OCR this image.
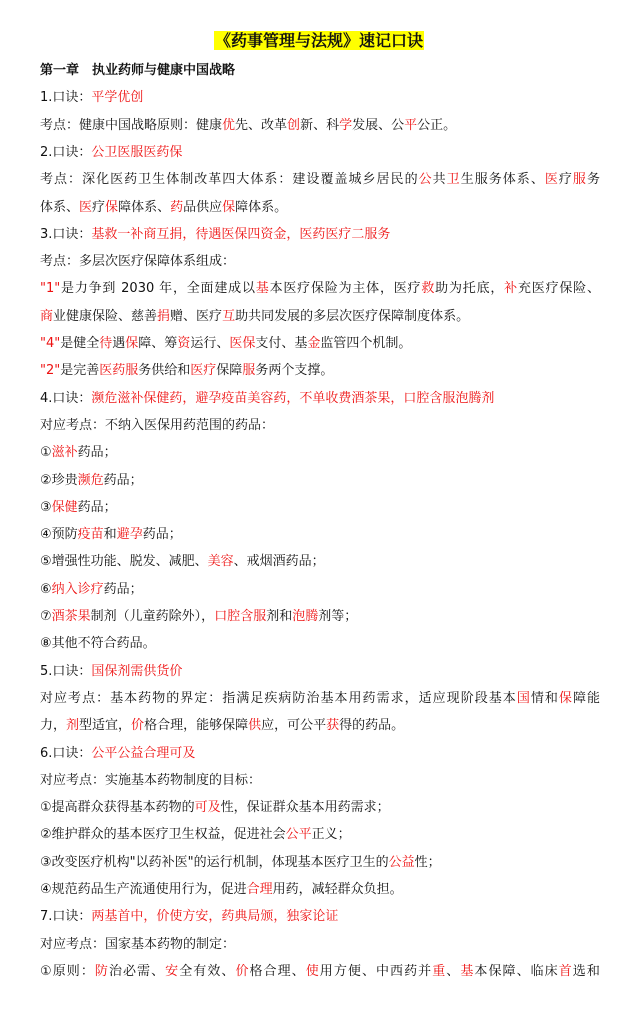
《药事管理与法规》速记口诀
第一章　执业药师与健康中国战略
1.口诀：平学优创
考点：健康中国战略原则：健康优先、改革创新、科学发展、公平公正。
2.口诀：公卫医服医药保
考点：深化医药卫生体制改革四大体系：建设覆盖城乡居民的公共卫生服务体系、医疗服务
体系、医疗保障体系、药品供应保障体系。
3.口诀：基救一补商互捐，待遇医保四资金，医药医疗二服务
考点：多层次医疗保障体系组成：
"1"是力争到 2030 年，全面建成以基本医疗保险为主体，医疗救助为托底，补充医疗保险、
商业健康保险、慈善捐赠、医疗互助共同发展的多层次医疗保障制度体系。
"4"是健全待遇保障、筹资运行、医保支付、基金监管四个机制。
"2"是完善医药服务供给和医疗保障服务两个支撑。
4.口诀：濒危滋补保健药，避孕疫苗美容药，不单收费酒茶果，口腔含服泡腾剂
对应考点：不纳入医保用药范围的药品：
①滋补药品；
②珍贵濒危药品；
③保健药品；
④预防疫苗和避孕药品；
⑤增强性功能、脱发、减肥、美容、戒烟酒药品；
⑥纳入诊疗药品；
⑦酒茶果制剂（儿童药除外），口腔含服剂和泡腾剂等；
⑧其他不符合药品。
5.口诀：国保剂需供货价
对应考点：基本药物的界定：指满足疾病防治基本用药需求，适应现阶段基本国情和保障能
力，剂型适宜，价格合理，能够保障供应，可公平获得的药品。
6.口诀：公平公益合理可及
对应考点：实施基本药物制度的目标：
①提高群众获得基本药物的可及性，保证群众基本用药需求；
②维护群众的基本医疗卫生权益，促进社会公平正义；
③改变医疗机构"以药补医"的运行机制，体现基本医疗卫生的公益性；
④规范药品生产流通使用行为，促进合理用药，减轻群众负担。
7.口诀：两基首中，价使方安，药典局颁，独家论证
对应考点：国家基本药物的制定：
①原则：防治必需、安全有效、价格合理、使用方便、中西药并重、基本保障、临床首选和
